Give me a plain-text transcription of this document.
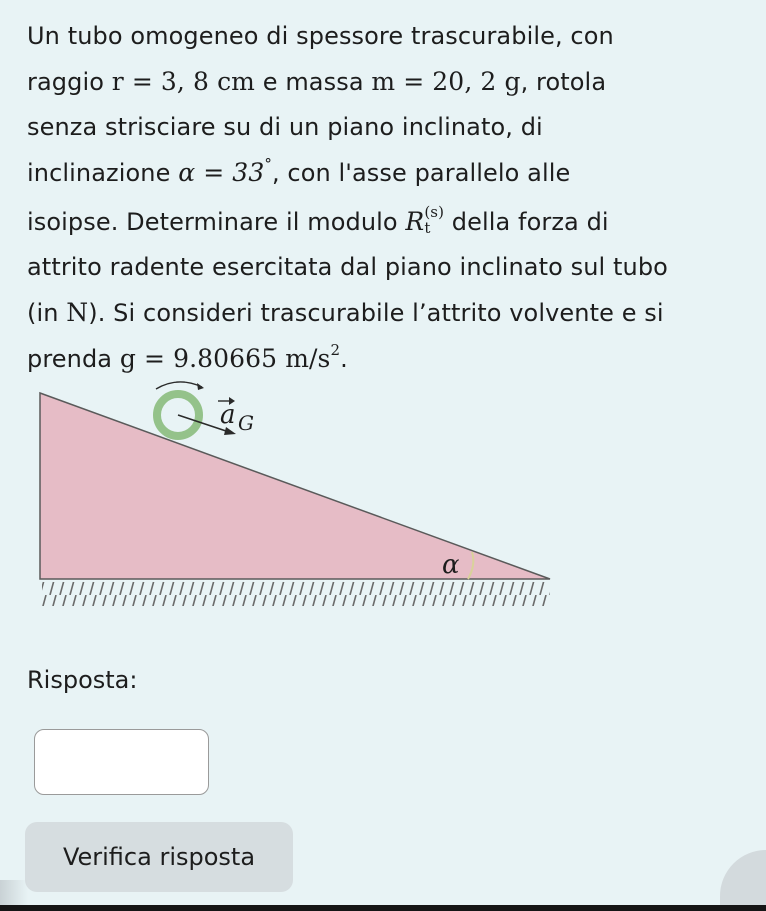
Un tubo omogeneo di spessore trascurabile, con
raggio r = 3, 8 cm e massa m = 20, 2 g, rotola
senza strisciare su di un piano inclinato, di
inclinazione α = 33°, con l'asse parallelo alle
isoipse. Determinare il modulo R (s)
t della forza di
attrito radente esercitata dal piano inclinato sul tubo
(in N). Si consideri trascurabile l’attrito volvente e si
prenda g = 9.80665 $m/s^2$.
a G
α
Risposta:
Verifica risposta
